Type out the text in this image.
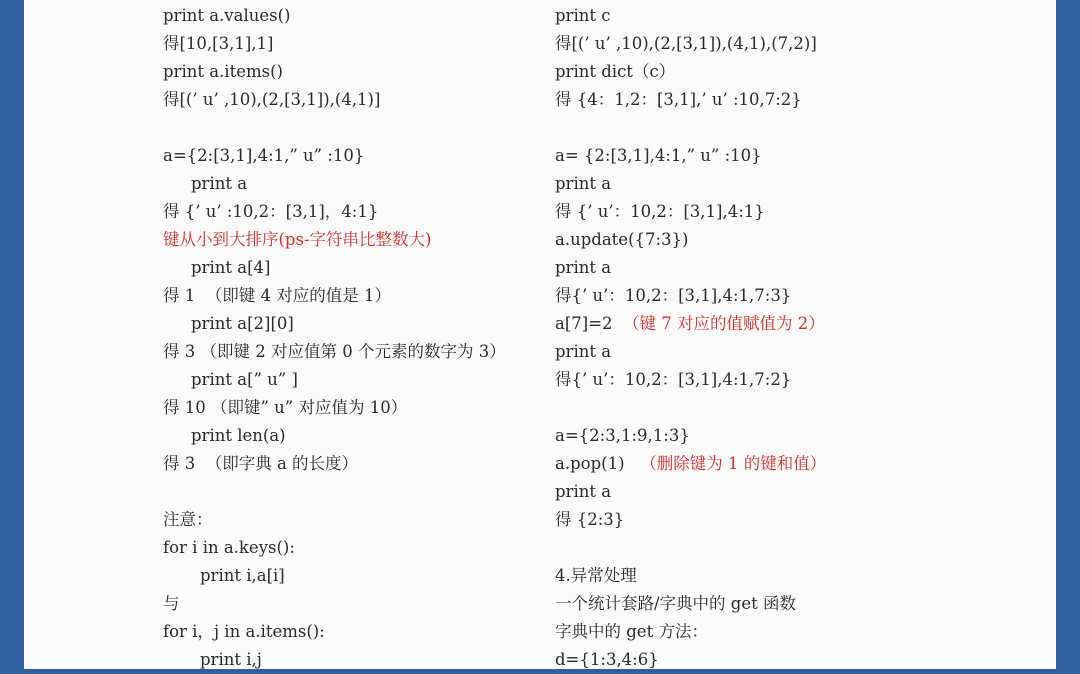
print a.values()
得[10,[3,1],1]
print a.items()
得[(’ u’ ,10),(2,[3,1]),(4,1)]
a={2:[3,1],4:1,” u” :10}
print a
得 {’ u’ :10,2：[3,1]，4:1}
键从小到大排序(ps-字符串比整数大)
print a[4]
得 1  （即键 4 对应的值是 1）
print a[2][0]
得 3 （即键 2 对应值第 0 个元素的数字为 3）
print a[” u” ]
得 10 （即键” u” 对应值为 10）
print len(a)
得 3  （即字典 a 的长度）
注意：
for i in a.keys():
print i,a[i]
与
for i，j in a.items():
print i,j
print c
得[(’ u’ ,10),(2,[3,1]),(4,1),(7,2)]
print dict（c）
得 {4：1,2：[3,1],’ u’ :10,7:2}
a= {2:[3,1],4:1,” u” :10}
print a
得 {’ u’：10,2：[3,1],4:1}
a.update({7:3})
print a
得{’ u’：10,2：[3,1],4:1,7:3}
a[7]=2  （键 7 对应的值赋值为 2）
print a
得{’ u’：10,2：[3,1],4:1,7:2}
a={2:3,1:9,1:3}
a.pop(1)   （删除键为 1 的键和值）
print a
得 {2:3}
4.异常处理
一个统计套路/字典中的 get 函数
字典中的 get 方法：
d={1:3,4:6}
